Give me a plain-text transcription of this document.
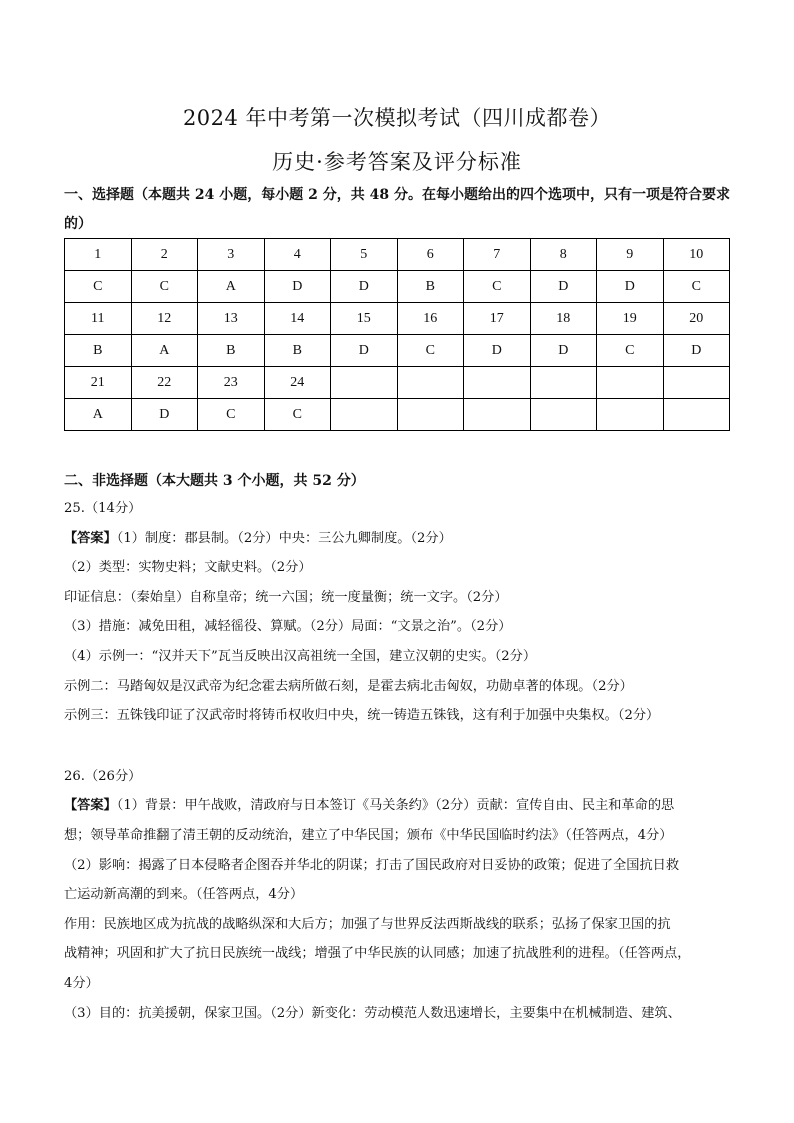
2024 年中考第一次模拟考试（四川成都卷）
历史·参考答案及评分标准
一、选择题（本题共 24 小题，每小题 2 分，共 48 分。在每小题给出的四个选项中，只有一项是符合要求的）
1	2	3	4	5	6	7	8	9	10
C	C	A	D	D	B	C	D	D	C
11	12	13	14	15	16	17	18	19	20
B	A	B	B	D	C	D	D	C	D
21	22	23	24						
A	D	C	C						
二、非选择题（本大题共 3 个小题，共 52 分）

25.（14分）

【答案】（1）制度：郡县制。（2分）中央：三公九卿制度。（2分）

（2）类型：实物史料；文献史料。（2分）

印证信息：（秦始皇）自称皇帝；统一六国；统一度量衡；统一文字。（2分）

（3）措施：减免田租，减轻徭役、算赋。（2分）局面：“文景之治”。（2分）

（4）示例一：“汉并天下”瓦当反映出汉高祖统一全国，建立汉朝的史实。（2分）

示例二：马踏匈奴是汉武帝为纪念霍去病所做石刻，是霍去病北击匈奴，功勋卓著的体现。（2分）

示例三：五铢钱印证了汉武帝时将铸币权收归中央，统一铸造五铢钱，这有利于加强中央集权。（2分）

26.（26分）

【答案】（1）背景：甲午战败，清政府与日本签订《马关条约》（2分）贡献：宣传自由、民主和革命的思

想；领导革命推翻了清王朝的反动统治，建立了中华民国；颁布《中华民国临时约法》（任答两点，4分）

（2）影响：揭露了日本侵略者企图吞并华北的阴谋；打击了国民政府对日妥协的政策；促进了全国抗日救

亡运动新高潮的到来。（任答两点，4分）

作用：民族地区成为抗战的战略纵深和大后方；加强了与世界反法西斯战线的联系；弘扬了保家卫国的抗

战精神；巩固和扩大了抗日民族统一战线；增强了中华民族的认同感；加速了抗战胜利的进程。（任答两点，

4分）

（3）目的：抗美援朝，保家卫国。（2分）新变化：劳动模范人数迅速增长，主要集中在机械制造、建筑、
